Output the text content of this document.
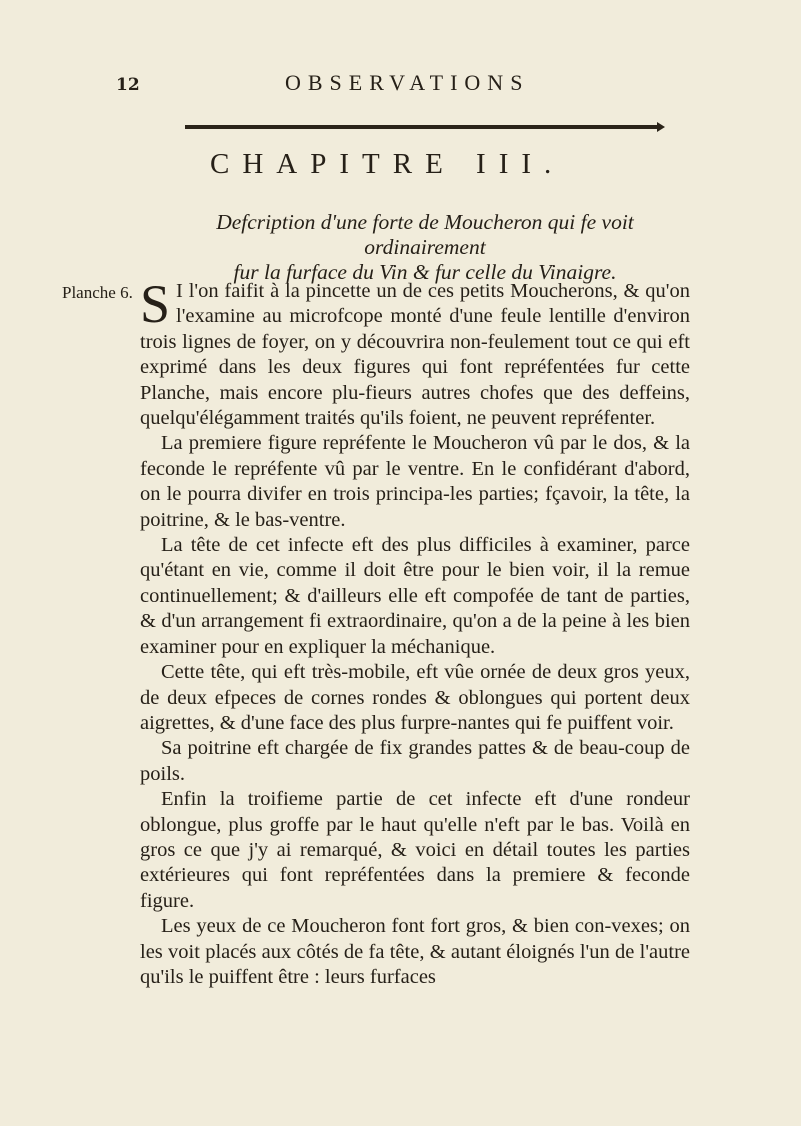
12	OBSERVATIONS
CHAPITRE III.
Defcription d'une forte de Moucheron qui fe voit ordinairement
fur la furface du Vin & fur celle du Vinaigre.
Planche 6. S I l'on faifit à la pincette un de ces petits Moucherons, & qu'on l'examine au microfcope monté d'une feule lentille d'environ trois lignes de foyer, on y découvrira non-feulement tout ce qui eft exprimé dans les deux figures qui font repréfentées fur cette Planche, mais encore plu-fieurs autres chofes que des deffeins, quelqu'élégamment traités qu'ils foient, ne peuvent repréfenter.

La premiere figure repréfente le Moucheron vû par le dos, & la feconde le repréfente vû par le ventre. En le confidérant d'abord, on le pourra divifer en trois principa-les parties; fçavoir, la tête, la poitrine, & le bas-ventre.

La tête de cet infecte eft des plus difficiles à examiner, parce qu'étant en vie, comme il doit être pour le bien voir, il la remue continuellement; & d'ailleurs elle eft compofée de tant de parties, & d'un arrangement fi extraordinaire, qu'on a de la peine à les bien examiner pour en expliquer la méchanique.

Cette tête, qui eft très-mobile, eft vûe ornée de deux gros yeux, de deux efpeces de cornes rondes & oblongues qui portent deux aigrettes, & d'une face des plus furpre-nantes qui fe puiffent voir.

Sa poitrine eft chargée de fix grandes pattes & de beau-coup de poils.

Enfin la troifieme partie de cet infecte eft d'une rondeur oblongue, plus groffe par le haut qu'elle n'eft par le bas. Voilà en gros ce que j'y ai remarqué, & voici en détail toutes les parties extérieures qui font repréfentées dans la premiere & feconde figure.

Les yeux de ce Moucheron font fort gros, & bien con-vexes; on les voit placés aux côtés de fa tête, & autant éloignés l'un de l'autre qu'ils le puiffent être : leurs furfaces
